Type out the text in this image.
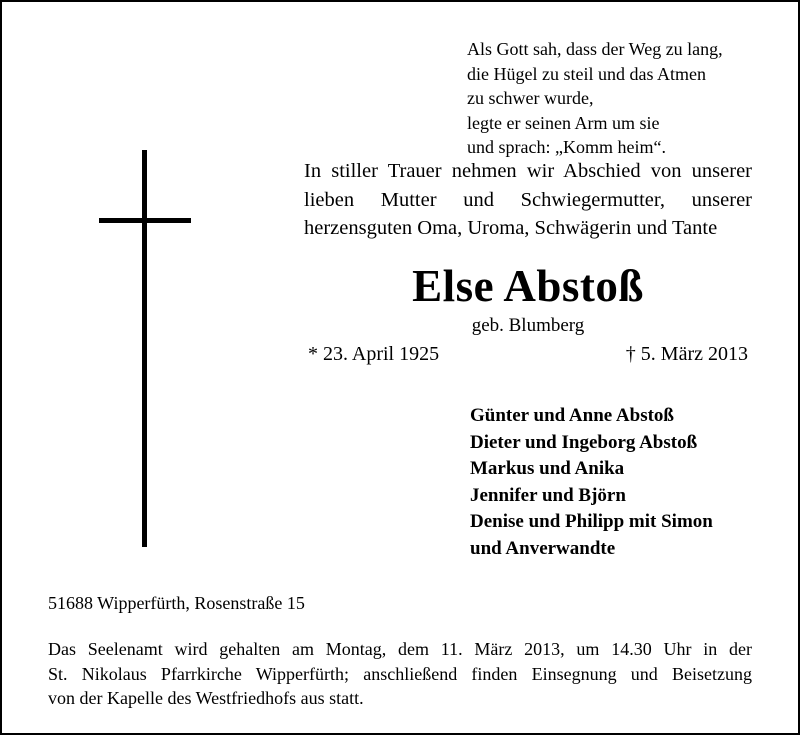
Als Gott sah, dass der Weg zu lang,
die Hügel zu steil und das Atmen
zu schwer wurde,
legte er seinen Arm um sie
und sprach: „Komm heim“.
In stiller Trauer nehmen wir Abschied von unserer
lieben Mutter und Schwiegermutter, unserer
herzensguten Oma, Uroma, Schwägerin und Tante
Else Abstoß
geb. Blumberg
* 23. April 1925	† 5. März 2013
Günter und Anne Abstoß
Dieter und Ingeborg Abstoß
Markus und Anika
Jennifer und Björn
Denise und Philipp mit Simon
und Anverwandte
51688 Wipperfürth, Rosenstraße 15
Das Seelenamt wird gehalten am Montag, dem 11. März 2013, um 14.30 Uhr in der
St. Nikolaus Pfarrkirche Wipperfürth; anschließend finden Einsegnung und Beisetzung
von der Kapelle des Westfriedhofs aus statt.
